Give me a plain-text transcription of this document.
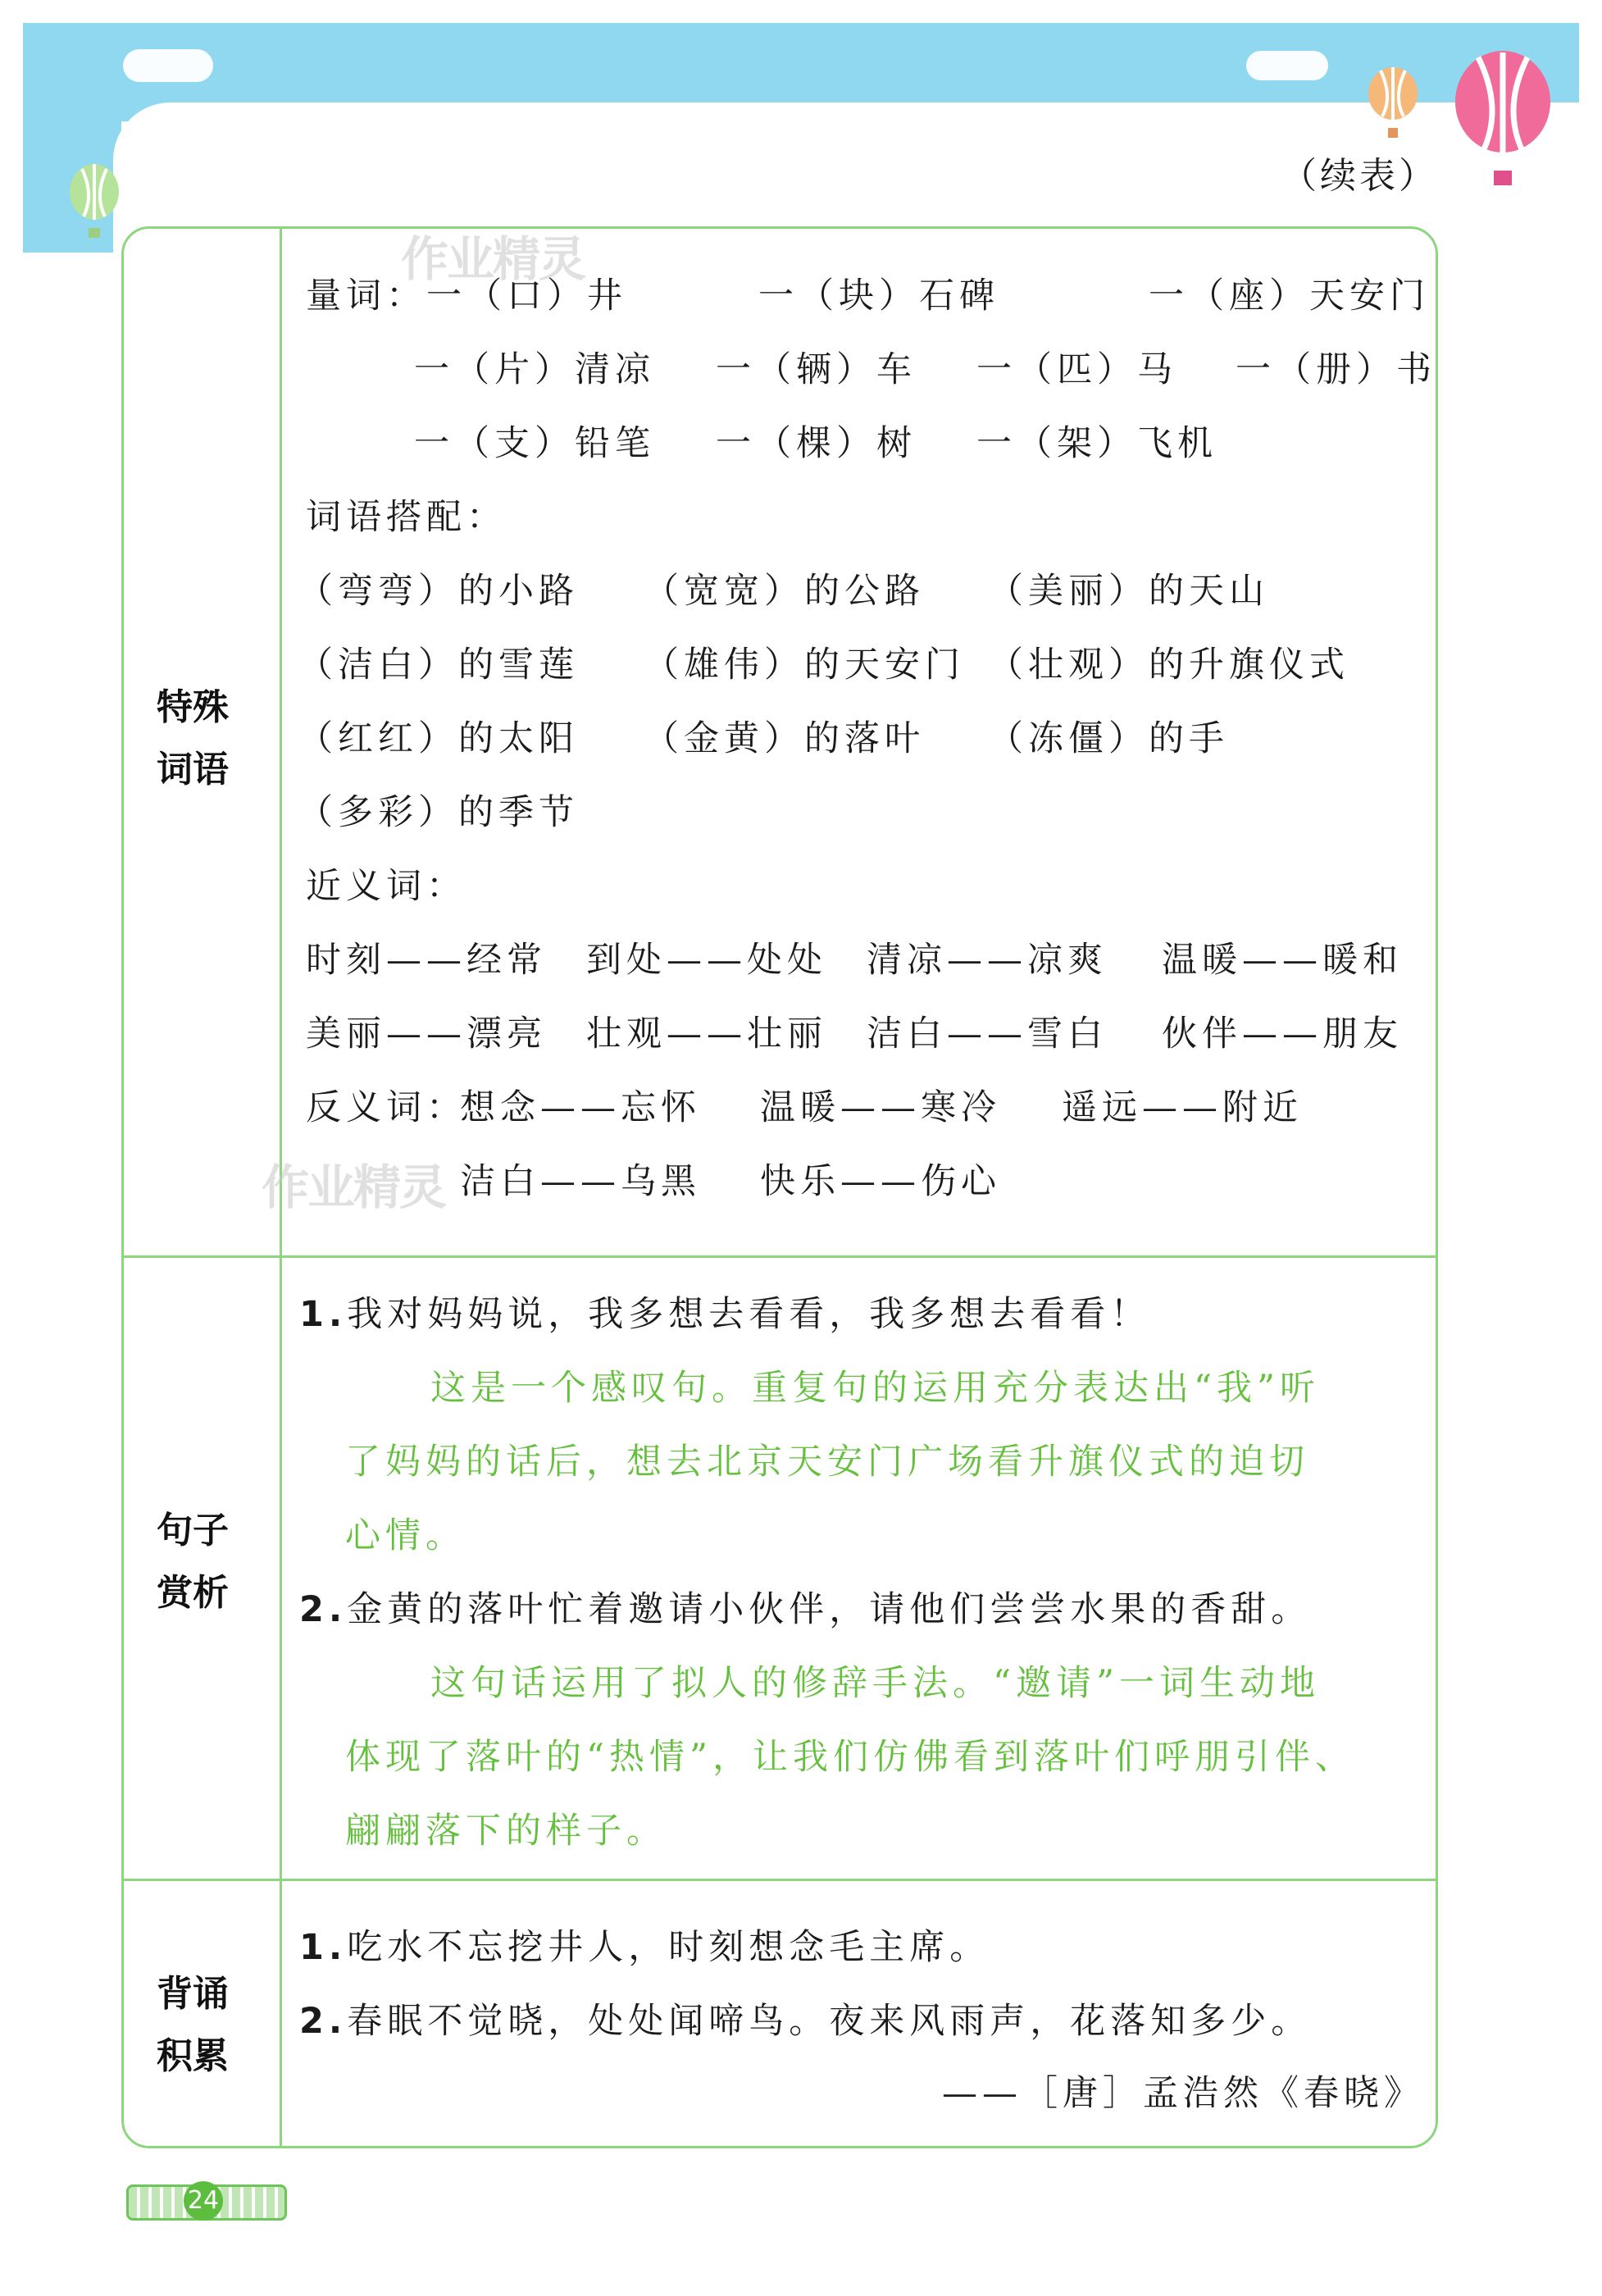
（续表）
特殊
词语
作业精灵
量词：一（口）井	一（块）石碑	一（座）天安门
一（片）清凉 一（辆）车 一（匹）马 一（册）书
一（支）铅笔 一（棵）树 一（架）飞机
词语搭配：
（弯弯）的小路 （宽宽）的公路 （美丽）的天山
（洁白）的雪莲 （雄伟）的天安门 （壮观）的升旗仪式
（红红）的太阳 （金黄）的落叶 （冻僵）的手
（多彩）的季节
近义词：
时刻——经常 到处——处处 清凉——凉爽 温暖——暖和
美丽——漂亮 壮观——壮丽 洁白——雪白 伙伴——朋友
反义词：
想念——忘怀 温暖——寒冷 遥远——附近
作业精灵 洁白——乌黑 快乐——伤心
句子
赏析
1.我对妈妈说，我多想去看看，我多想去看看！
这是一个感叹句。重复句的运用充分表达出“我”听
了妈妈的话后，想去北京天安门广场看升旗仪式的迫切
心情。
2.金黄的落叶忙着邀请小伙伴，请他们尝尝水果的香甜。
这句话运用了拟人的修辞手法。“邀请”一词生动地
体现了落叶的“热情”，让我们仿佛看到落叶们呼朋引伴、
翩翩落下的样子。
背诵
积累
1.吃水不忘挖井人，时刻想念毛主席。
2.春眠不觉晓，处处闻啼鸟。夜来风雨声，花落知多少。
——［唐］孟浩然《春晓》
24
